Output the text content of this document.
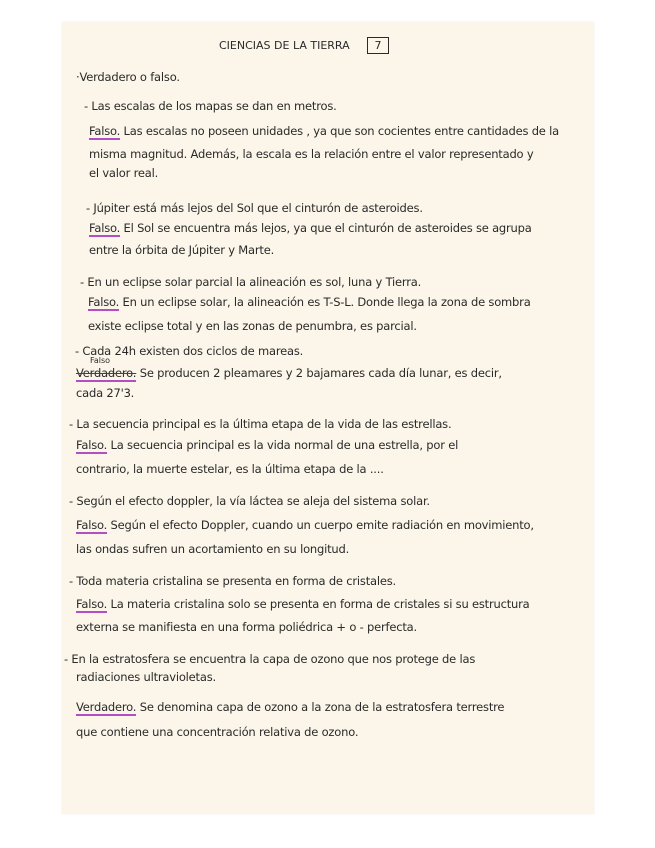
CIENCIAS DE LA TIERRA	7
·Verdadero o falso.
- Las escalas de los mapas se dan en metros.
Falso. Las escalas no poseen unidades , ya que son cocientes entre cantidades de la
misma magnitud. Además, la escala es la relación entre el valor representado y
el valor real.
- Júpiter está más lejos del Sol que el cinturón de asteroides.
Falso. El Sol se encuentra más lejos, ya que el cinturón de asteroides se agrupa
entre la órbita de Júpiter y Marte.
- En un eclipse solar parcial la alineación es sol, luna y Tierra.
Falso. En un eclipse solar, la alineación es T-S-L. Donde llega la zona de sombra
existe eclipse total y en las zonas de penumbra, es parcial.
- Cada 24h existen dos ciclos de mareas.
Falso
Verdadero. Se producen 2 pleamares y 2 bajamares cada día lunar, es decir,
cada 27'3.
- La secuencia principal es la última etapa de la vida de las estrellas.
Falso. La secuencia principal es la vida normal de una estrella, por el
contrario, la muerte estelar, es la última etapa de la ....
- Según el efecto doppler, la vía láctea se aleja del sistema solar.
Falso. Según el efecto Doppler, cuando un cuerpo emite radiación en movimiento,
las ondas sufren un acortamiento en su longitud.
- Toda materia cristalina se presenta en forma de cristales.
Falso. La materia cristalina solo se presenta en forma de cristales si su estructura
externa se manifiesta en una forma poliédrica + o - perfecta.
- En la estratosfera se encuentra la capa de ozono que nos protege de las
radiaciones ultravioletas.
Verdadero. Se denomina capa de ozono a la zona de la estratosfera terrestre
que contiene una concentración relativa de ozono.
